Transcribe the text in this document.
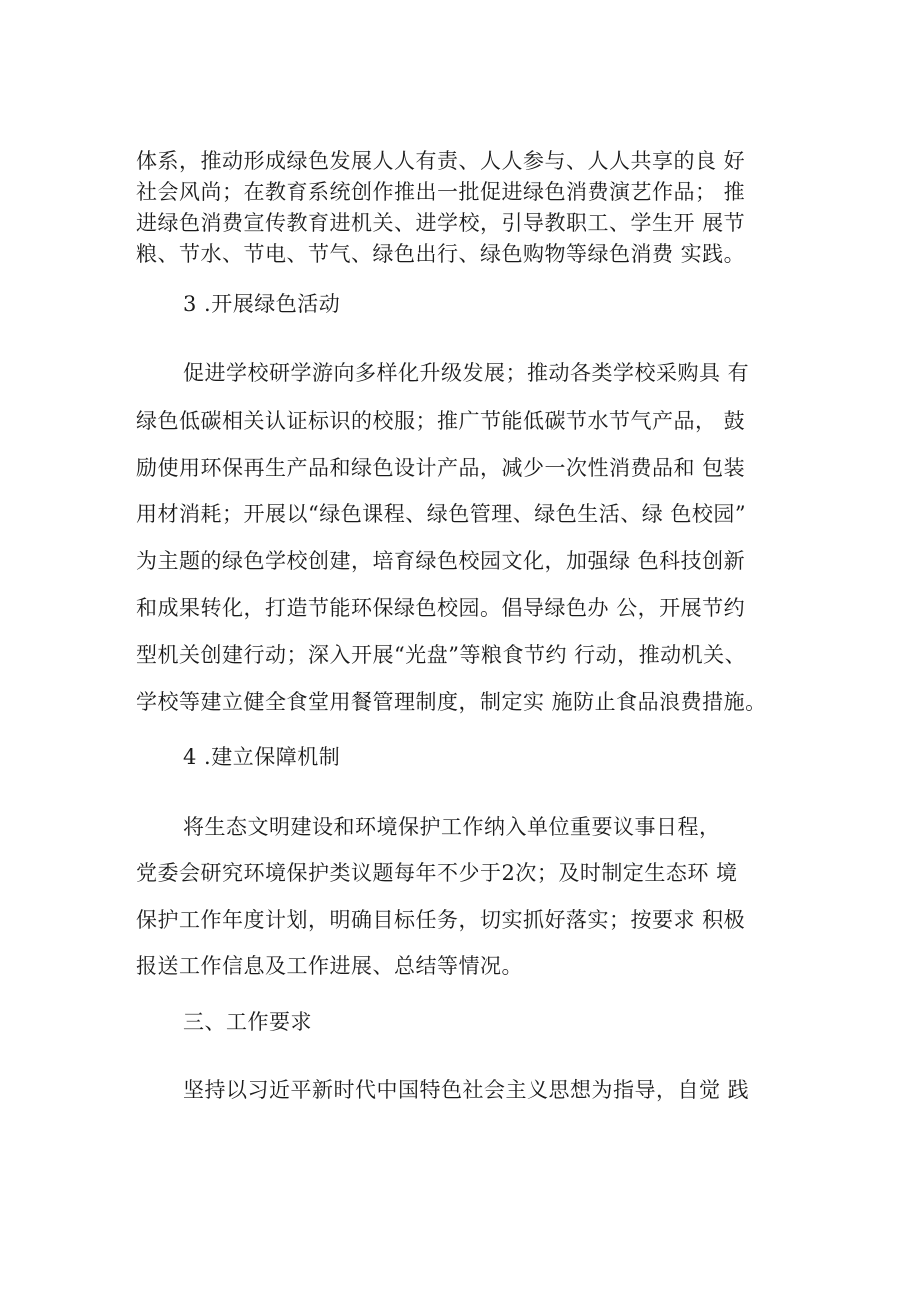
体系，推动形成绿色发展人人有责、人人参与、人人共享的良 好
社会风尚；在教育系统创作推出一批促进绿色消费演艺作品； 推
进绿色消费宣传教育进机关、进学校，引导教职工、学生开 展节
粮、节水、节电、节气、绿色出行、绿色购物等绿色消费 实践。
3 .开展绿色活动
促进学校研学游向多样化升级发展；推动各类学校采购具 有
绿色低碳相关认证标识的校服；推广节能低碳节水节气产品， 鼓
励使用环保再生产品和绿色设计产品，减少一次性消费品和 包装
用材消耗；开展以“绿色课程、绿色管理、绿色生活、绿 色校园”
为主题的绿色学校创建，培育绿色校园文化，加强绿 色科技创新
和成果转化，打造节能环保绿色校园。倡导绿色办 公，开展节约
型机关创建行动；深入开展“光盘”等粮食节约 行动，推动机关、
学校等建立健全食堂用餐管理制度，制定实 施防止食品浪费措施。
4 .建立保障机制
将生态文明建设和环境保护工作纳入单位重要议事日程，
党委会研究环境保护类议题每年不少于2次；及时制定生态环 境
保护工作年度计划，明确目标任务，切实抓好落实；按要求 积极
报送工作信息及工作进展、总结等情况。
三、工作要求
坚持以习近平新时代中国特色社会主义思想为指导，自觉 践
